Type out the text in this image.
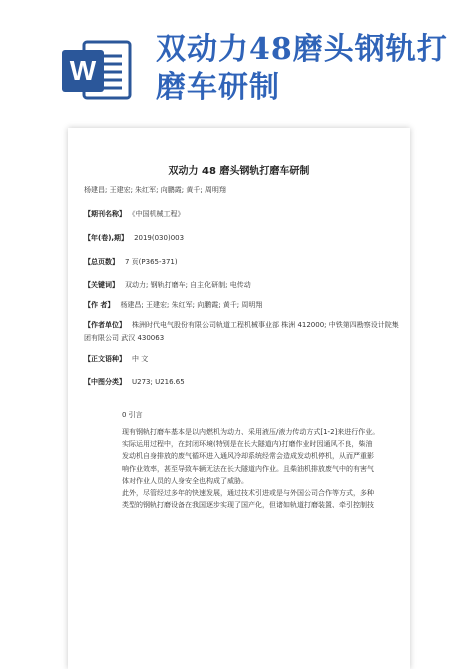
W
双动力48磨头钢轨打磨车研制
双动力 48 磨头钢轨打磨车研制
杨建昌; 王建宏; 朱红军; 向鹏霞; 黄千; 周明翔
【期刊名称】 《中国机械工程》
【年(卷),期】 2019(030)003
【总页数】 7 页(P365-371)
【关键词】 双动力; 钢轨打磨车; 自主化研制; 电传动
【作 者】 杨建昌; 王建宏; 朱红军; 向鹏霞; 黄千; 周明翔
【作者单位】 株洲时代电气股份有限公司轨道工程机械事业部 株洲 412000; 中铁第四勘察设计院集团有限公司 武汉 430063
【正文语种】 中 文
【中图分类】 U273; U216.65
0 引言

现有钢轨打磨车基本是以内燃机为动力、采用液压/液力传动方式[1-2]来进行作业。

实际运用过程中，在封闭环境(特别是在长大隧道内)打磨作业时因通风不良，柴油

发动机自身排放的废气循环进入通风冷却系统经常会造成发动机停机，从而严重影

响作业效率，甚至导致车辆无法在长大隧道内作业。且柴油机排放废气中的有害气

体对作业人员的人身安全也构成了威胁。

此外，尽管经过多年的快速发展，通过技术引进或是与外国公司合作等方式，多种

类型的钢轨打磨设备在我国逐步实现了国产化，但诸如轨道打磨装置、牵引控制技
